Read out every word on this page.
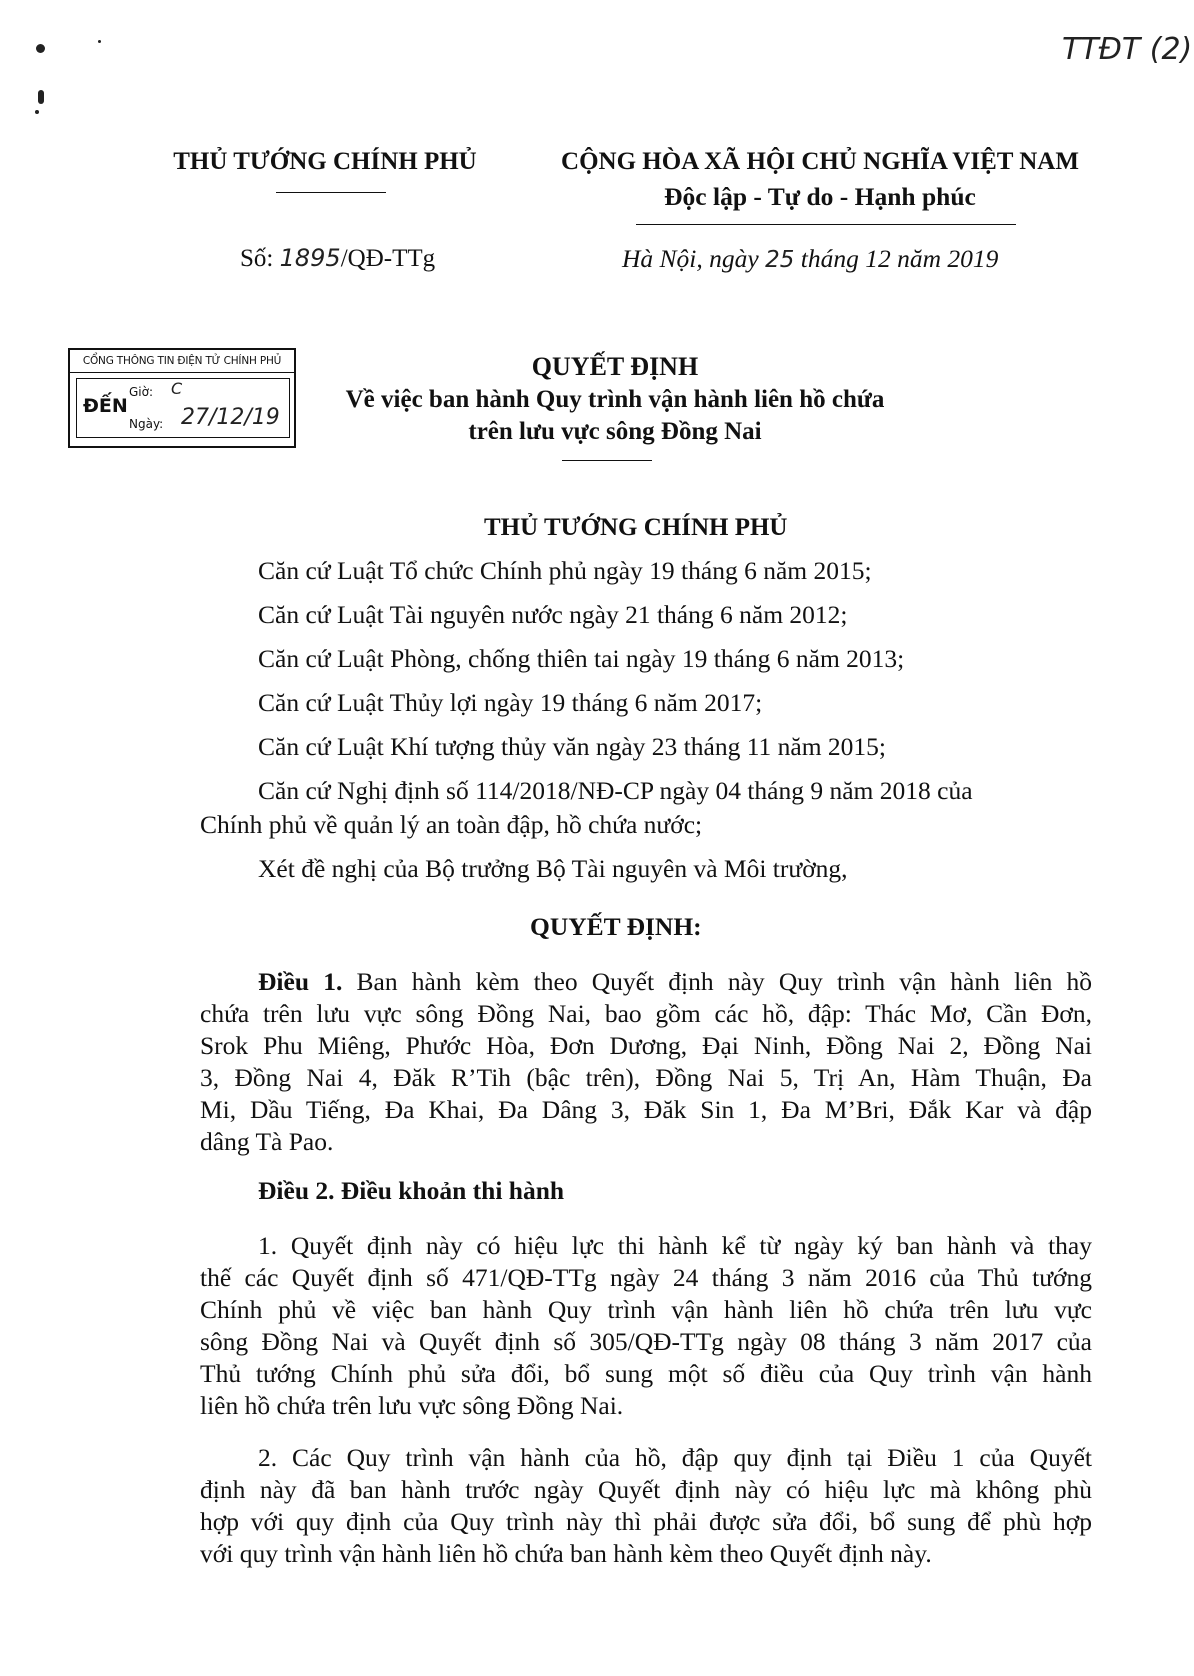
TTĐT (2)
THỦ TƯỚNG CHÍNH PHỦ	CỘNG HÒA XÃ HỘI CHỦ NGHĨA VIỆT NAM
Độc lập - Tự do - Hạnh phúc
Số: 1895/QĐ-TTg	Hà Nội, ngày 25 tháng 12 năm 2019
CỔNG THÔNG TIN ĐIỆN TỬ CHÍNH PHỦ
ĐẾN
Giờ: C
Ngày: 27/12/19
QUYẾT ĐỊNH
Về việc ban hành Quy trình vận hành liên hồ chứa
trên lưu vực sông Đồng Nai
THỦ TƯỚNG CHÍNH PHỦ
Căn cứ Luật Tổ chức Chính phủ ngày 19 tháng 6 năm 2015;
Căn cứ Luật Tài nguyên nước ngày 21 tháng 6 năm 2012;
Căn cứ Luật Phòng, chống thiên tai ngày 19 tháng 6 năm 2013;
Căn cứ Luật Thủy lợi ngày 19 tháng 6 năm 2017;
Căn cứ Luật Khí tượng thủy văn ngày 23 tháng 11 năm 2015;
Căn cứ Nghị định số 114/2018/NĐ-CP ngày 04 tháng 9 năm 2018 của
Chính phủ về quản lý an toàn đập, hồ chứa nước;
Xét đề nghị của Bộ trưởng Bộ Tài nguyên và Môi trường,
QUYẾT ĐỊNH:
Điều 1. Ban hành kèm theo Quyết định này Quy trình vận hành liên hồ
chứa trên lưu vực sông Đồng Nai, bao gồm các hồ, đập: Thác Mơ, Cần Đơn,
Srok Phu Miêng, Phước Hòa, Đơn Dương, Đại Ninh, Đồng Nai 2, Đồng Nai
3, Đồng Nai 4, Đăk R’Tih (bậc trên), Đồng Nai 5, Trị An, Hàm Thuận, Đa
Mi, Dầu Tiếng, Đa Khai, Đa Dâng 3, Đăk Sin 1, Đa M’Bri, Đắk Kar và đập
dâng Tà Pao.
Điều 2. Điều khoản thi hành
1. Quyết định này có hiệu lực thi hành kể từ ngày ký ban hành và thay
thế các Quyết định số 471/QĐ-TTg ngày 24 tháng 3 năm 2016 của Thủ tướng
Chính phủ về việc ban hành Quy trình vận hành liên hồ chứa trên lưu vực
sông Đồng Nai và Quyết định số 305/QĐ-TTg ngày 08 tháng 3 năm 2017 của
Thủ tướng Chính phủ sửa đổi, bổ sung một số điều của Quy trình vận hành
liên hồ chứa trên lưu vực sông Đồng Nai.
2. Các Quy trình vận hành của hồ, đập quy định tại Điều 1 của Quyết
định này đã ban hành trước ngày Quyết định này có hiệu lực mà không phù
hợp với quy định của Quy trình này thì phải được sửa đổi, bổ sung để phù hợp
với quy trình vận hành liên hồ chứa ban hành kèm theo Quyết định này.
